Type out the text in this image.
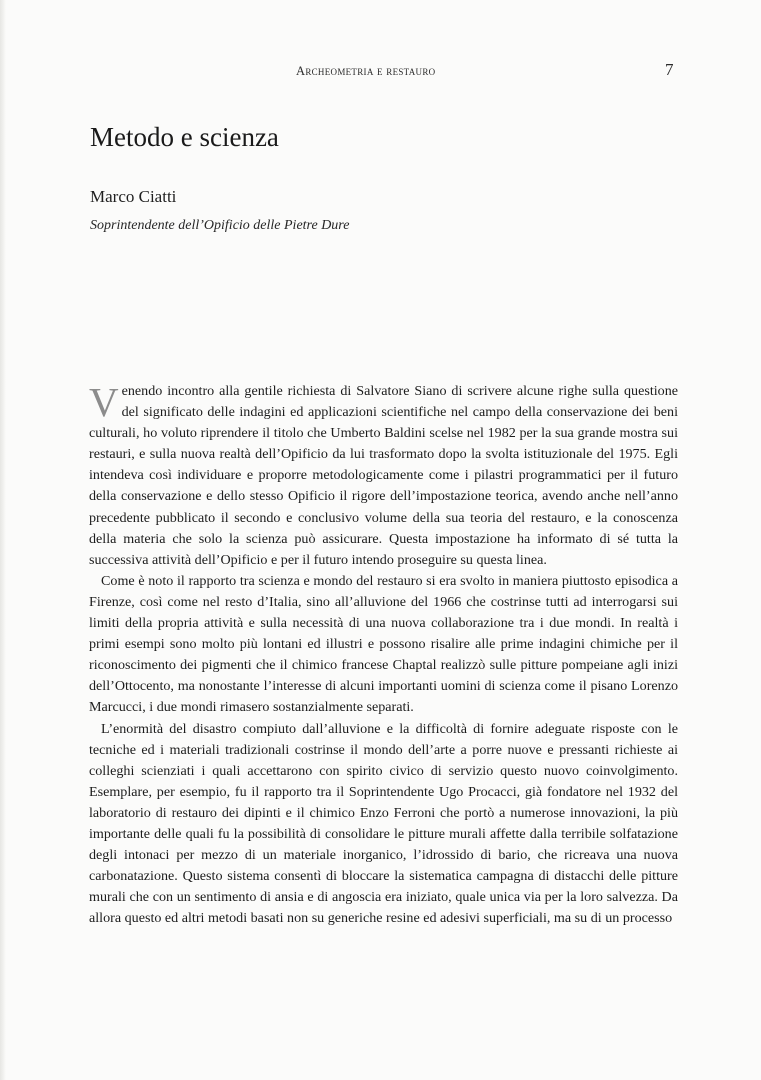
Archeometria e restauro	7
Metodo e scienza
Marco Ciatti
Soprintendente dell’Opificio delle Pietre Dure

Venendo incontro alla gentile richiesta di Salvatore Siano di scrivere alcune righe sulla questione del significato delle indagini ed applicazioni scientifiche nel campo della conservazione dei beni culturali, ho voluto riprendere il titolo che Umberto Baldini scelse nel 1982 per la sua grande mostra sui restauri, e sulla nuova realtà dell’Opificio da lui trasformato dopo la svolta istituzionale del 1975. Egli intendeva così individuare e proporre metodologicamente come i pilastri programmatici per il futuro della conservazione e dello stesso Opificio il rigore dell’impostazione teorica, avendo anche nell’anno precedente pubblicato il secondo e conclusivo volume della sua teoria del restauro, e la conoscenza della materia che solo la scienza può assicurare. Questa impostazione ha informato di sé tutta la successiva attività dell’Opificio e per il futuro intendo proseguire su questa linea.

Come è noto il rapporto tra scienza e mondo del restauro si era svolto in maniera piuttosto episodica a Firenze, così come nel resto d’Italia, sino all’alluvione del 1966 che costrinse tutti ad interrogarsi sui limiti della propria attività e sulla necessità di una nuova collaborazione tra i due mondi. In realtà i primi esempi sono molto più lontani ed illustri e possono risalire alle prime indagini chimiche per il riconoscimento dei pigmenti che il chimico francese Chaptal realizzò sulle pitture pompeiane agli inizi dell’Ottocento, ma nonostante l’interesse di alcuni importanti uomini di scienza come il pisano Lorenzo Marcucci, i due mondi rimasero sostanzialmente separati.

L’enormità del disastro compiuto dall’alluvione e la difficoltà di fornire adeguate risposte con le tecniche ed i materiali tradizionali costrinse il mondo dell’arte a porre nuove e pressanti richieste ai colleghi scienziati i quali accettarono con spirito civico di servizio questo nuovo coinvolgimento. Esemplare, per esempio, fu il rapporto tra il Soprintendente Ugo Procacci, già fondatore nel 1932 del laboratorio di restauro dei dipinti e il chimico Enzo Ferroni che portò a numerose innovazioni, la più importante delle quali fu la possibilità di consolidare le pitture murali affette dalla terribile solfatazione degli intonaci per mezzo di un materiale inorganico, l’idrossido di bario, che ricreava una nuova carbonatazione. Questo sistema consentì di bloccare la sistematica campagna di distacchi delle pitture murali che con un sentimento di ansia e di angoscia era iniziato, quale unica via per la loro salvezza. Da allora questo ed altri metodi basati non su generiche resine ed adesivi superficiali, ma su di un processo
